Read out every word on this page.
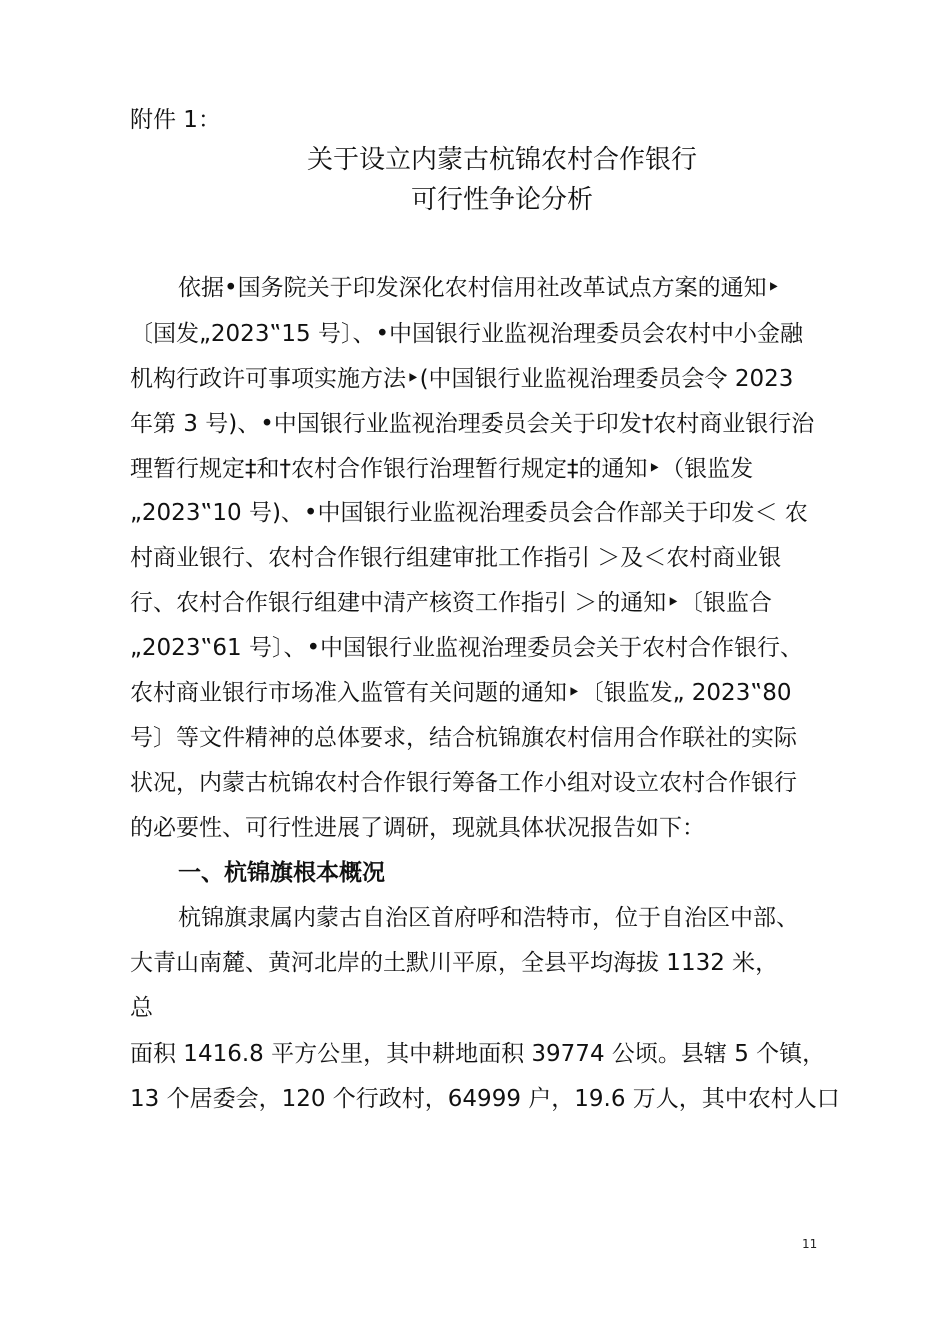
附件 1：
关于设立内蒙古杭锦农村合作银行
可行性争论分析
依据•国务院关于印发深化农村信用社改革试点方案的通知‣
〔国发„2023‟15 号〕、•中国银行业监视治理委员会农村中小金融
机构行政许可事项实施方法‣(中国银行业监视治理委员会令 2023
年第 3 号)、•中国银行业监视治理委员会关于印发†农村商业银行治
理暂行规定‡和†农村合作银行治理暂行规定‡的通知‣（银监发
„2023‟10 号)、•中国银行业监视治理委员会合作部关于印发＜ 农
村商业银行、农村合作银行组建审批工作指引 ＞及＜农村商业银
行、农村合作银行组建中清产核资工作指引 ＞的通知‣〔银监合
„2023‟61 号〕、•中国银行业监视治理委员会关于农村合作银行、
农村商业银行市场准入监管有关问题的通知‣〔银监发„ 2023‟80
号〕等文件精神的总体要求，结合杭锦旗农村信用合作联社的实际
状况，内蒙古杭锦农村合作银行筹备工作小组对设立农村合作银行
的必要性、可行性进展了调研，现就具体状况报告如下：
一、杭锦旗根本概况
杭锦旗隶属内蒙古自治区首府呼和浩特市，位于自治区中部、
大青山南麓、黄河北岸的土默川平原，全县平均海拔 1132 米，
总
面积 1416.8 平方公里，其中耕地面积 39774 公顷。县辖 5 个镇，
13 个居委会，120 个行政村，64999 户，19.6 万人，其中农村人口
11
